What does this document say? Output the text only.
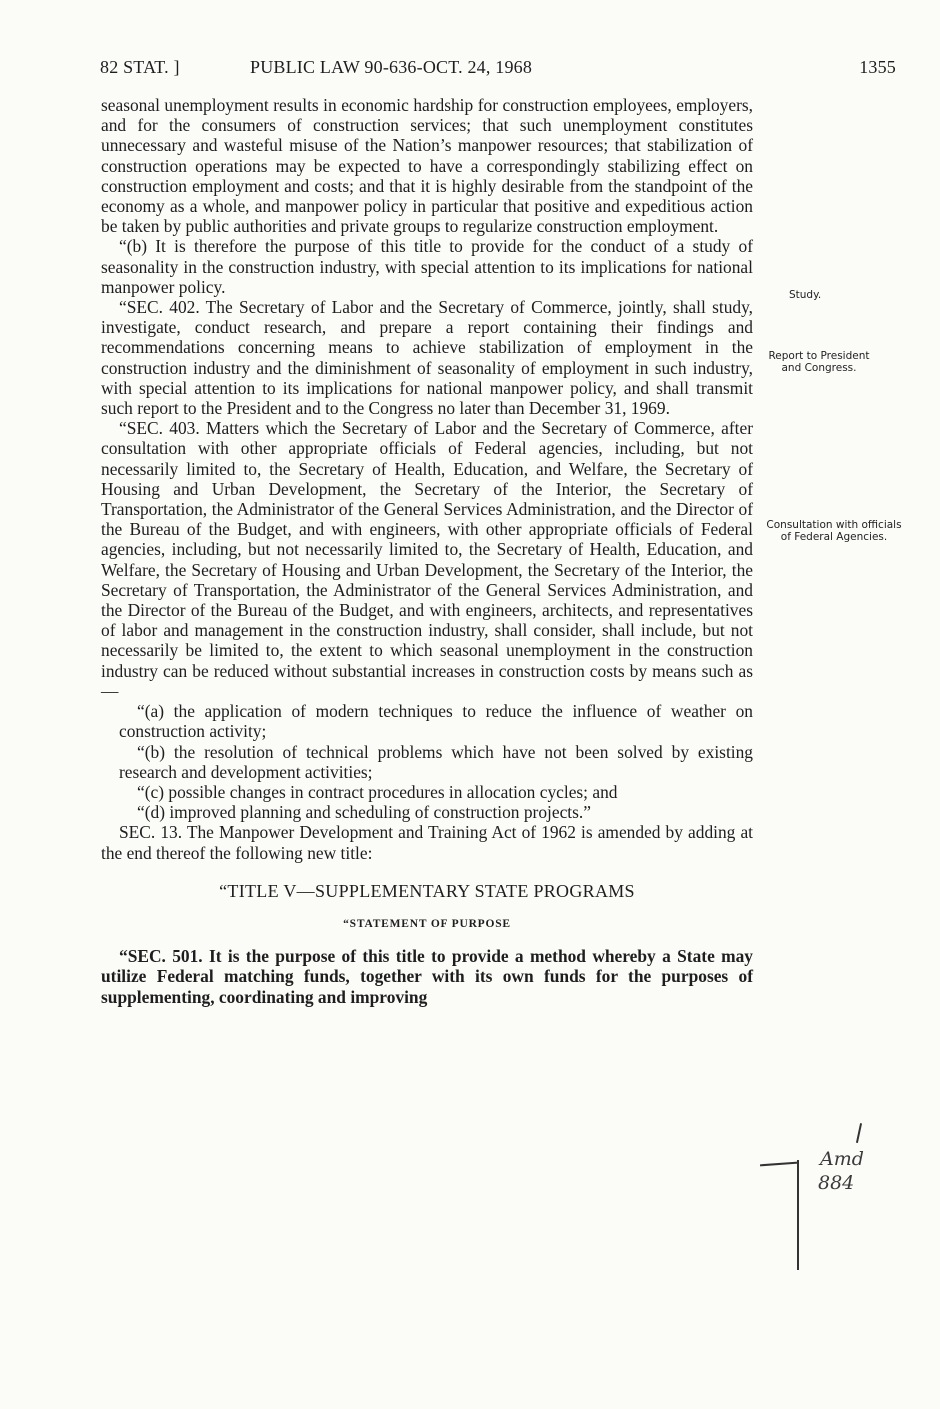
82 STAT. ]	PUBLIC LAW 90-636-OCT. 24, 1968	1355

seasonal unemployment results in economic hardship for construction employees, employers, and for the consumers of construction services; that such unemployment constitutes unnecessary and wasteful misuse of the Nation’s manpower resources; that stabilization of construction operations may be expected to have a correspondingly stabilizing effect on construction employment and costs; and that it is highly desirable from the standpoint of the economy as a whole, and manpower policy in particular that positive and expeditious action be taken by public authorities and private groups to regularize construction employment.

“(b) It is therefore the purpose of this title to provide for the conduct of a study of seasonality in the construction industry, with special attention to its implications for national manpower policy.

“SEC. 402. The Secretary of Labor and the Secretary of Commerce, jointly, shall study, investigate, conduct research, and prepare a report containing their findings and recommendations concerning means to achieve stabilization of employment in the construction industry and the diminishment of seasonality of employment in such industry, with special attention to its implications for national manpower policy, and shall transmit such report to the President and to the Congress no later than December 31, 1969.

“SEC. 403. Matters which the Secretary of Labor and the Secretary of Commerce, after consultation with other appropriate officials of Federal agencies, including, but not necessarily limited to, the Secretary of Health, Education, and Welfare, the Secretary of Housing and Urban Development, the Secretary of the Interior, the Secretary of Transportation, the Administrator of the General Services Administration, and the Director of the Bureau of the Budget, and with engineers, with other appropriate officials of Federal agencies, including, but not necessarily limited to, the Secretary of Health, Education, and Welfare, the Secretary of Housing and Urban Development, the Secretary of the Interior, the Secretary of Transportation, the Administrator of the General Services Administration, and the Director of the Bureau of the Budget, and with engineers, architects, and representatives of labor and management in the construction industry, shall consider, shall include, but not necessarily be limited to, the extent to which seasonal unemployment in the construction industry can be reduced without substantial increases in construction costs by means such as—

“(a) the application of modern techniques to reduce the influence of weather on construction activity;

“(b) the resolution of technical problems which have not been solved by existing research and development activities;

“(c) possible changes in contract procedures in allocation cycles; and

“(d) improved planning and scheduling of construction projects.”

SEC. 13. The Manpower Development and Training Act of 1962 is amended by adding at the end thereof the following new title:

“TITLE V—SUPPLEMENTARY STATE PROGRAMS
“STATEMENT OF PURPOSE

“SEC. 501. It is the purpose of this title to provide a method whereby a State may utilize Federal matching funds, together with its own funds for the purposes of supplementing, coordinating and improving

Study.
Report to President and Congress.
Consultation with officials of Federal Agencies.
Amd
884
